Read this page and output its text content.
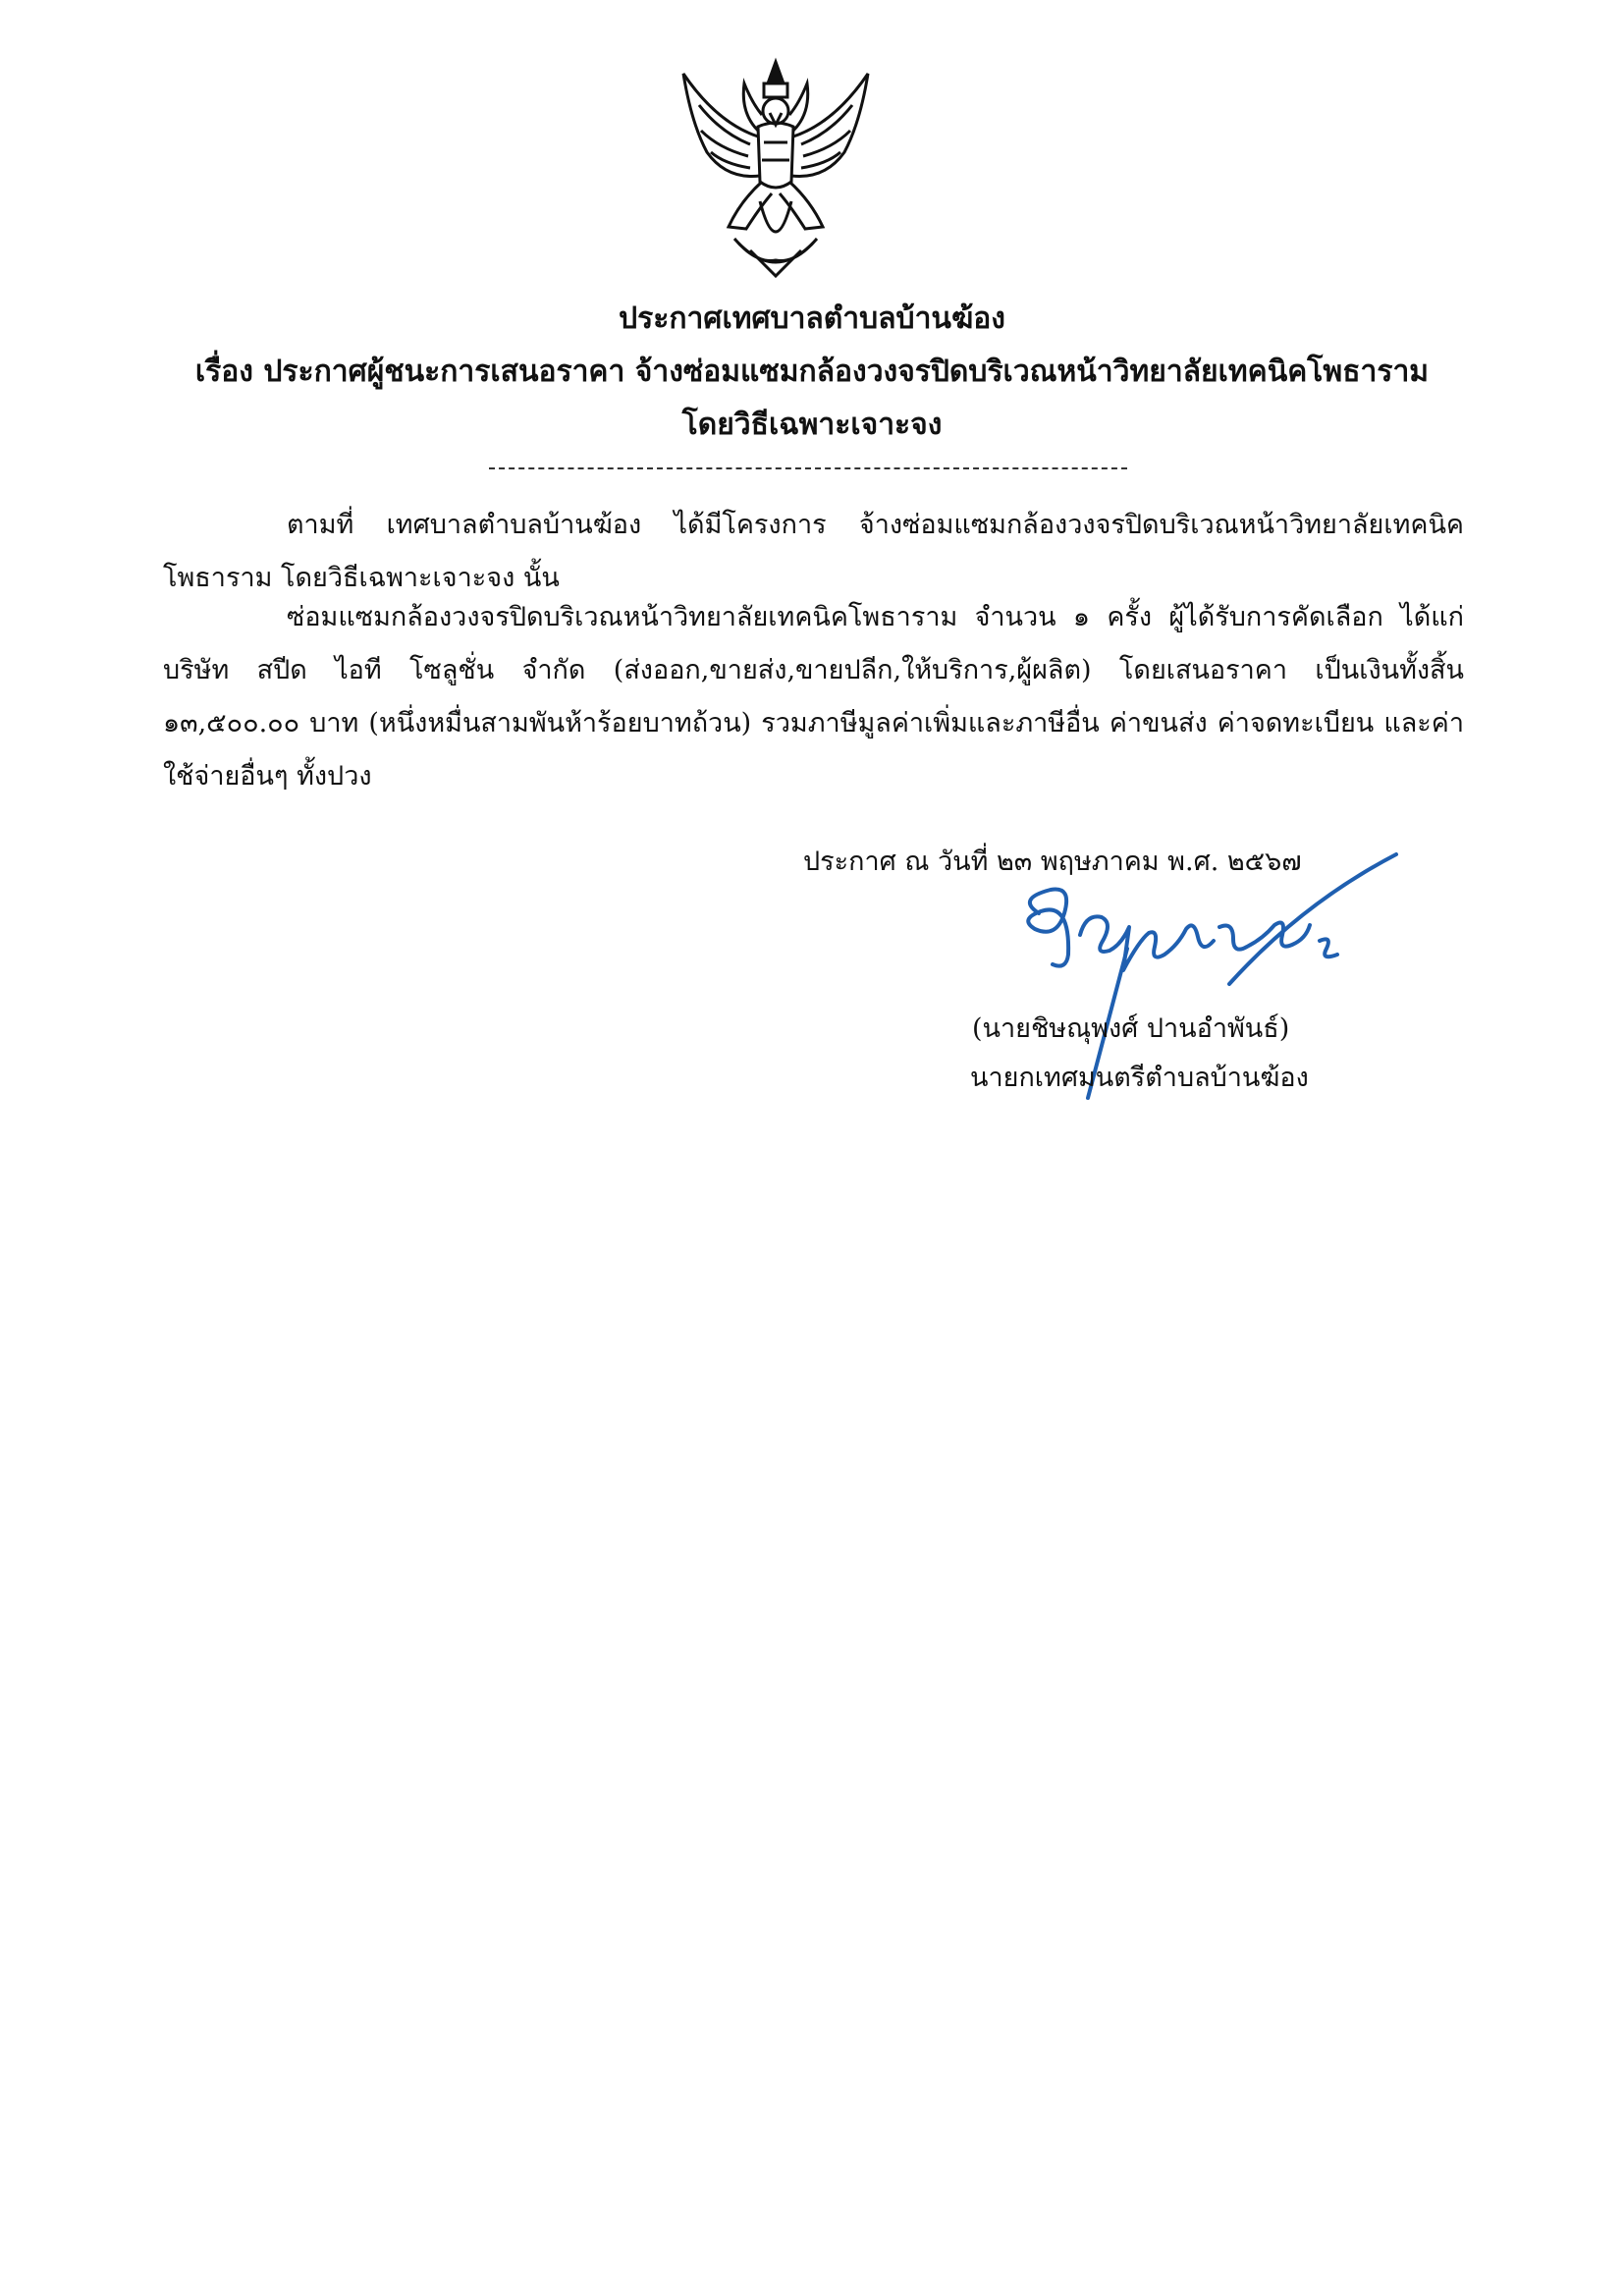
ประกาศเทศบาลตำบลบ้านฆ้อง
เรื่อง ประกาศผู้ชนะการเสนอราคา จ้างซ่อมแซมกล้องวงจรปิดบริเวณหน้าวิทยาลัยเทคนิคโพธาราม
โดยวิธีเฉพาะเจาะจง
ตามที่ เทศบาลตำบลบ้านฆ้อง ได้มีโครงการ จ้างซ่อมแซมกล้องวงจรปิดบริเวณหน้าวิทยาลัยเทคนิคโพธาราม โดยวิธีเฉพาะเจาะจง นั้น
ซ่อมแซมกล้องวงจรปิดบริเวณหน้าวิทยาลัยเทคนิคโพธาราม จำนวน ๑ ครั้ง ผู้ได้รับการคัดเลือก ได้แก่ บริษัท สปีด ไอที โซลูชั่น จำกัด (ส่งออก,ขายส่ง,ขายปลีก,ให้บริการ,ผู้ผลิต) โดยเสนอราคา เป็นเงินทั้งสิ้น ๑๓,๕๐๐.๐๐ บาท (หนึ่งหมื่นสามพันห้าร้อยบาทถ้วน) รวมภาษีมูลค่าเพิ่มและภาษีอื่น ค่าขนส่ง ค่าจดทะเบียน และค่าใช้จ่ายอื่นๆ ทั้งปวง
ประกาศ ณ วันที่ ๒๓ พฤษภาคม พ.ศ. ๒๕๖๗
(นายชิษณุพงศ์ ปานอำพันธ์)
นายกเทศมนตรีตำบลบ้านฆ้อง
